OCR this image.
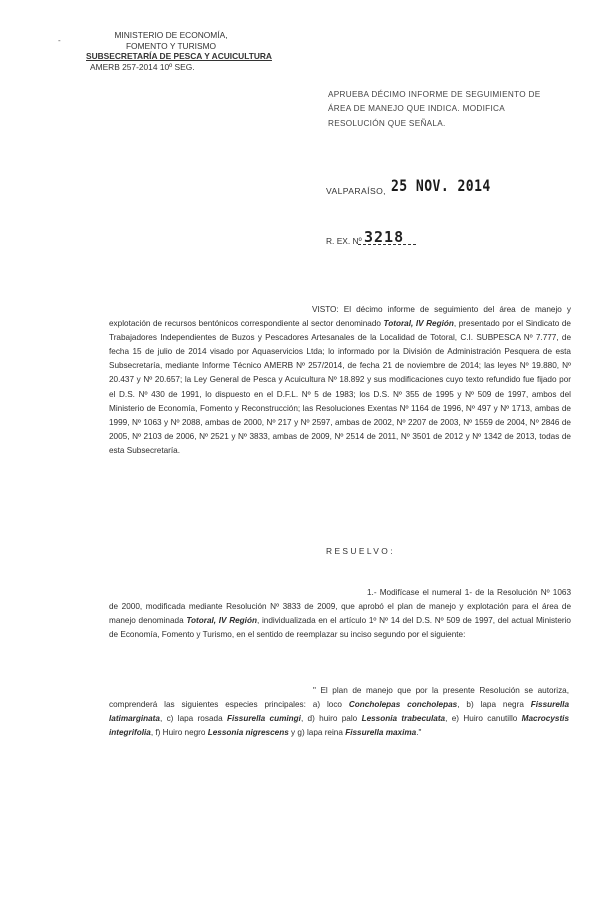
-
MINISTERIO DE ECONOMÍA,
FOMENTO Y TURISMO
SUBSECRETARÍA DE PESCA Y ACUICULTURA
AMERB 257-2014 10º SEG.
APRUEBA DÉCIMO INFORME DE SEGUIMIENTO DE ÁREA DE MANEJO QUE INDICA. MODIFICA RESOLUCIÓN QUE SEÑALA.
VALPARAÍSO, 25 NOV. 2014
R. EX. Nº 3218
VISTO: El décimo informe de seguimiento del área de manejo y explotación de recursos bentónicos correspondiente al sector denominado Totoral, IV Región, presentado por el Sindicato de Trabajadores Independientes de Buzos y Pescadores Artesanales de la Localidad de Totoral, C.I. SUBPESCA Nº 7.777, de fecha 15 de julio de 2014 visado por Aquaservicios Ltda; lo informado por la División de Administración Pesquera de esta Subsecretaría, mediante Informe Técnico AMERB Nº 257/2014, de fecha 21 de noviembre de 2014; las leyes Nº 19.880, Nº 20.437 y Nº 20.657; la Ley General de Pesca y Acuicultura Nº 18.892 y sus modificaciones cuyo texto refundido fue fijado por el D.S. Nº 430 de 1991, lo dispuesto en el D.F.L. Nº 5 de 1983; los D.S. Nº 355 de 1995 y Nº 509 de 1997, ambos del Ministerio de Economía, Fomento y Reconstrucción; las Resoluciones Exentas Nº 1164 de 1996, Nº 497 y Nº 1713, ambas de 1999, Nº 1063 y Nº 2088, ambas de 2000, Nº 217 y Nº 2597, ambas de 2002, Nº 2207 de 2003, Nº 1559 de 2004, Nº 2846 de 2005, Nº 2103 de 2006, Nº 2521 y Nº 3833, ambas de 2009, Nº 2514 de 2011, Nº 3501 de 2012 y Nº 1342 de 2013, todas de esta Subsecretaría.
RESUELVO:
1.- Modifícase el numeral 1- de la Resolución Nº 1063 de 2000, modificada mediante Resolución Nº 3833 de 2009, que aprobó el plan de manejo y explotación para el área de manejo denominada Totoral, IV Región, individualizada en el artículo 1º Nº 14 del D.S. Nº 509 de 1997, del actual Ministerio de Economía, Fomento y Turismo, en el sentido de reemplazar su inciso segundo por el siguiente:
" El plan de manejo que por la presente Resolución se autoriza, comprenderá las siguientes especies principales: a) loco Concholepas concholepas, b) lapa negra Fissurella latimarginata, c) lapa rosada Fissurella cumingi, d) huiro palo Lessonia trabeculata, e) Huiro canutillo Macrocystis integrifolia, f) Huiro negro Lessonia nigrescens y g) lapa reina Fissurella maxima."
